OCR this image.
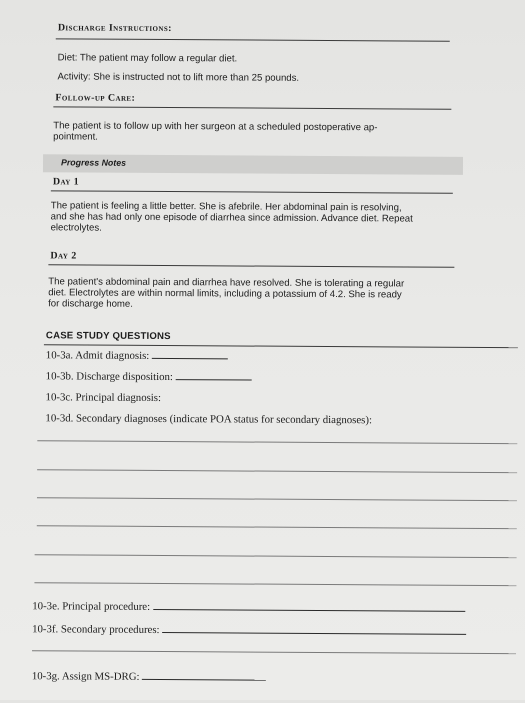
Discharge Instructions:
Diet: The patient may follow a regular diet.
Activity: She is instructed not to lift more than 25 pounds.
Follow-up Care:
The patient is to follow up with her surgeon at a scheduled postoperative ap-
pointment.
Progress Notes
Day 1
The patient is feeling a little better. She is afebrile. Her abdominal pain is resolving,
and she has had only one episode of diarrhea since admission. Advance diet. Repeat
electrolytes.
Day 2
The patient's abdominal pain and diarrhea have resolved. She is tolerating a regular
diet. Electrolytes are within normal limits, including a potassium of 4.2. She is ready
for discharge home.
CASE STUDY QUESTIONS
10-3a. Admit diagnosis:
10-3b. Discharge disposition:
10-3c. Principal diagnosis:
10-3d. Secondary diagnoses (indicate POA status for secondary diagnoses):
10-3e. Principal procedure:
10-3f. Secondary procedures:
10-3g. Assign MS-DRG:
